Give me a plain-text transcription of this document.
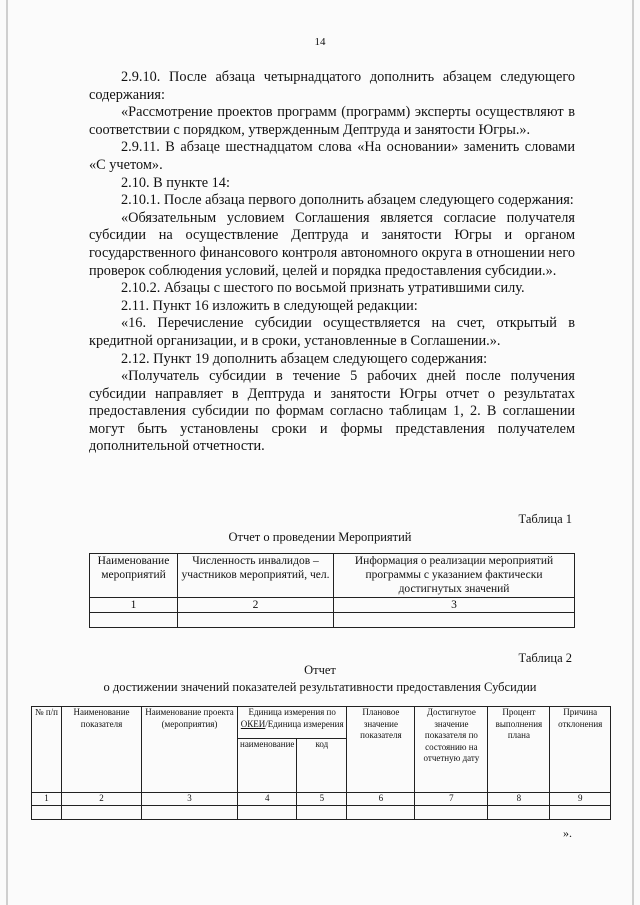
14

2.9.10. После абзаца четырнадцатого дополнить абзацем следующего содержания:

«Рассмотрение проектов программ (программ) эксперты осуществляют в соответствии с порядком, утвержденным Дептруда и занятости Югры.».

2.9.11. В абзаце шестнадцатом слова «На основании» заменить словами «С учетом».

2.10. В пункте 14:

2.10.1. После абзаца первого дополнить абзацем следующего содержания:

«Обязательным условием Соглашения является согласие получателя субсидии на осуществление Дептруда и занятости Югры и органом государственного финансового контроля автономного округа в отношении него проверок соблюдения условий, целей и порядка предоставления субсидии.».

2.10.2. Абзацы с шестого по восьмой признать утратившими силу.

2.11. Пункт 16 изложить в следующей редакции:

«16. Перечисление субсидии осуществляется на счет, открытый в кредитной организации, и в сроки, установленные в Соглашении.».

2.12. Пункт 19 дополнить абзацем следующего содержания:

«Получатель субсидии в течение 5 рабочих дней после получения субсидии направляет в Дептруда и занятости Югры отчет о результатах предоставления субсидии по формам согласно таблицам 1, 2. В соглашении могут быть установлены сроки и формы представления получателем дополнительной отчетности.

Таблица 1
Отчет о проведении Мероприятий
Наименование мероприятий	Численность инвалидов – участников мероприятий, чел.	Информация о реализации мероприятий программы с указанием фактически достигнутых значений
1	2	3

Таблица 2
Отчет
о достижении значений показателей результативности предоставления Субсидии
№ п/п	Наименование показателя	Наименование проекта (мероприятия)	Единица измерения по ОКЕИ/Единица измерения		Плановое значение показателя	Достигнутое значение показателя по состоянию на отчетную дату	Процент выполнения плана	Причина отклонения
			наименование	код				
1	2	3	4	5	6	7	8	9

».
